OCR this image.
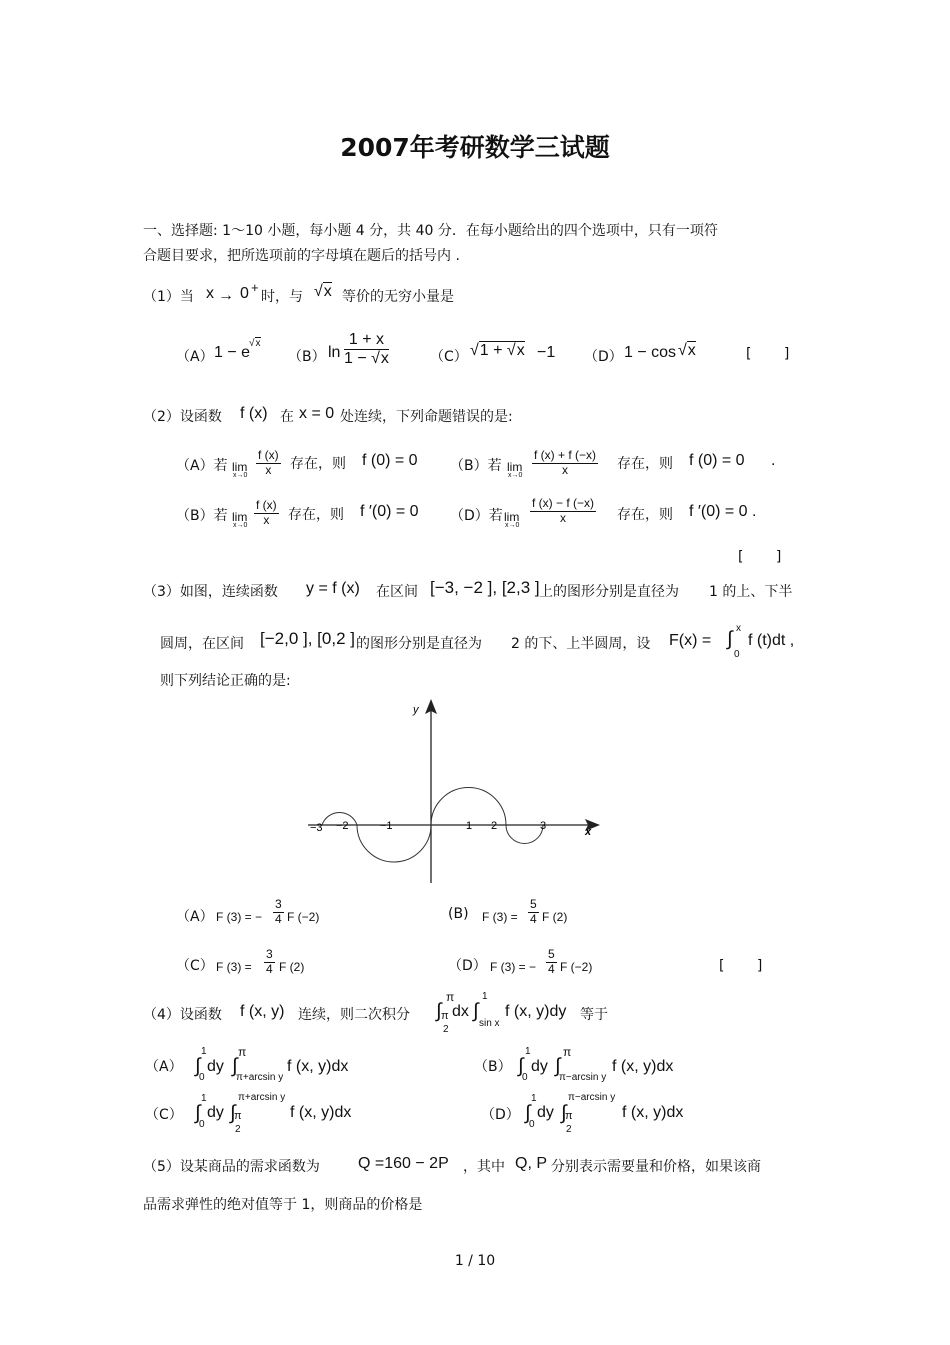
2007年考研数学三试题
一、选择题: 1～10 小题，每小题 4 分，共 40 分．在每小题给出的四个选项中，只有一项符
合题目要求，把所选项前的字母填在题后的括号内 .
（1）当 x → 0 +
时，与 √x 等价的无穷小量是
（A） 1 − e
√x
（B） $\ln \frac{1 + x}{1 - √x}$	（C） √1 + √x −1 （D） 1 − cos √x	[ ]
（2）设函数 f (x) 在 x = 0 处连续，下列命题错误的是:
（A）若 lim
$x\to 0 \frac{f (x)}{x}$ 存在，则 f (0) = 0 （B）若 lim
$x\to 0 \frac{f (x) + f (-x)}{x}$ 存在，则 f (0) = 0 .
（B）若 lim
$x\to 0 \frac{f (x)}{x}$ 存在，则 f ′(0) = 0 （D）若 lim
$x\to 0 \frac{f (x) - f (-x)}{x}$ 存在，则 f ′(0) = 0 .
[ ]
（3）如图，连续函数 y = f (x) 在区间 [−3, −2 ], [2,3 ] 上的图形分别是直径为 1 的上、下半
圆周，在区间 [−2,0 ], [0,2 ] 的图形分别是直径为 2 的下、上半圆周，设 F(x) = ∫ x
0
f (t)dt ,
则下列结论正确的是:
y
x
−3 −2	−1	1 2	3
（A） F (3) = − $\frac{3}{4}$ F (−2)	(B) F $(3) = \frac{5}{4}$ F (2)
（C） F $(3) = \frac{3}{4}$ F (2)	（D） F (3) = − $\frac{5}{4}$ F (−2)	[ ]
（4）设函数 f (x, y) 连续，则二次积分 ∫
π
π
2
dx ∫
1
sin x
f (x, y)dy 等于
（A） ∫
1
0
dy ∫
π
π+arcsin y
f (x, y)dx	（B） ∫
1
0
dy ∫
π
π−arcsin y
f (x, y)dx
（C） ∫
1
0
dy ∫
π+arcsin y
π
2
f (x, y)dx	（D） ∫
1
0
dy ∫
π−arcsin y
π
2
f (x, y)dx
（5）设某商品的需求函数为 Q =160 − 2P ，其中 Q, P 分别表示需要量和价格，如果该商
品需求弹性的绝对值等于 1，则商品的价格是
1 / 10
